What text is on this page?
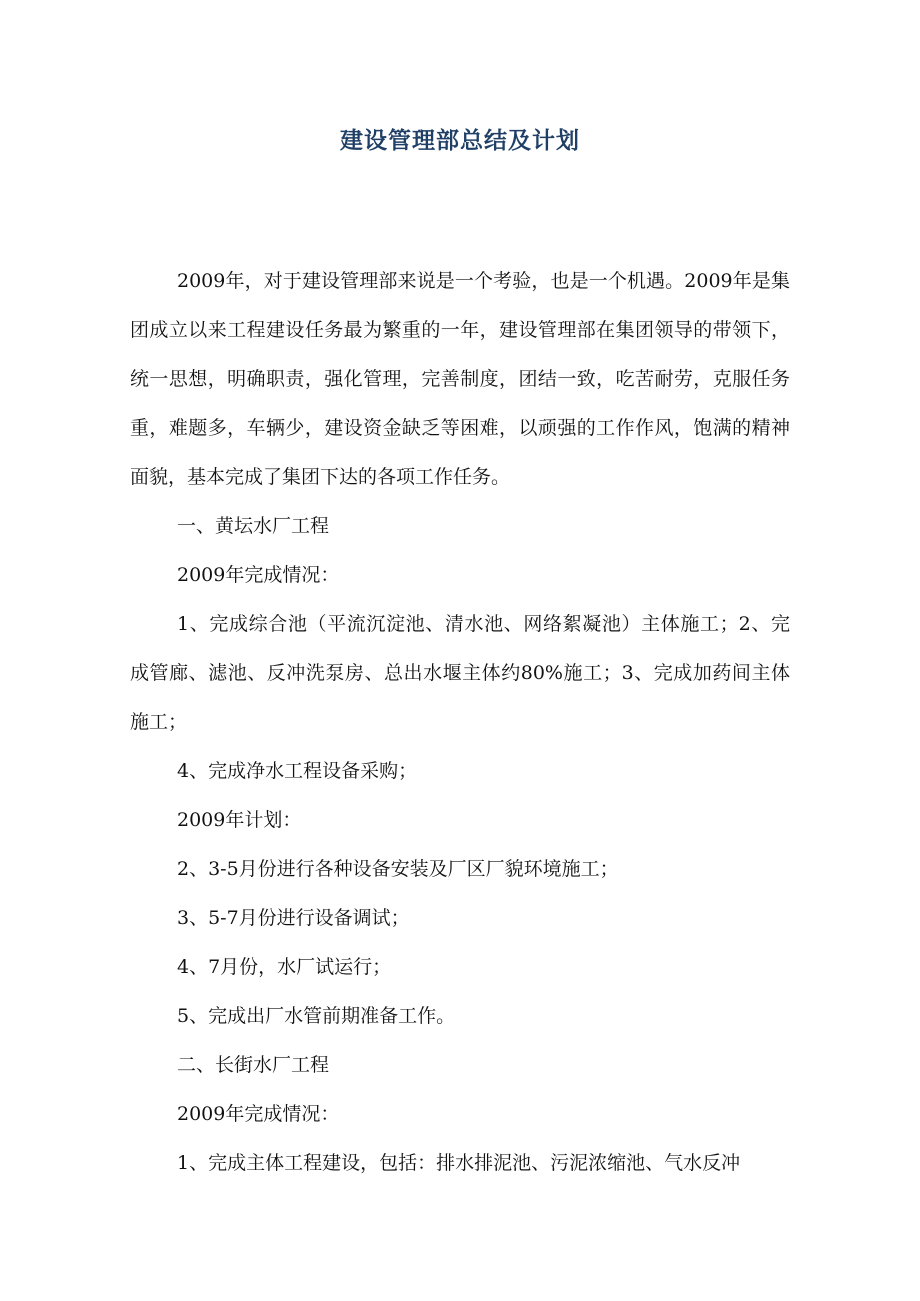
建设管理部总结及计划

2009年，对于建设管理部来说是一个考验，也是一个机遇。2009年是集团成立以来工程建设任务最为繁重的一年，建设管理部在集团领导的带领下，统一思想，明确职责，强化管理，完善制度，团结一致，吃苦耐劳，克服任务重，难题多，车辆少，建设资金缺乏等困难，以顽强的工作作风，饱满的精神面貌，基本完成了集团下达的各项工作任务。

一、黄坛水厂工程

2009年完成情况：

1、完成综合池（平流沉淀池、清水池、网络絮凝池）主体施工；2、完成管廊、滤池、反冲洗泵房、总出水堰主体约80%施工；3、完成加药间主体施工；

4、完成净水工程设备采购；

2009年计划：

2、3-5月份进行各种设备安装及厂区厂貌环境施工；

3、5-7月份进行设备调试；

4、7月份，水厂试运行；

5、完成出厂水管前期准备工作。

二、长街水厂工程

2009年完成情况：

1、完成主体工程建设，包括：排水排泥池、污泥浓缩池、气水反冲
